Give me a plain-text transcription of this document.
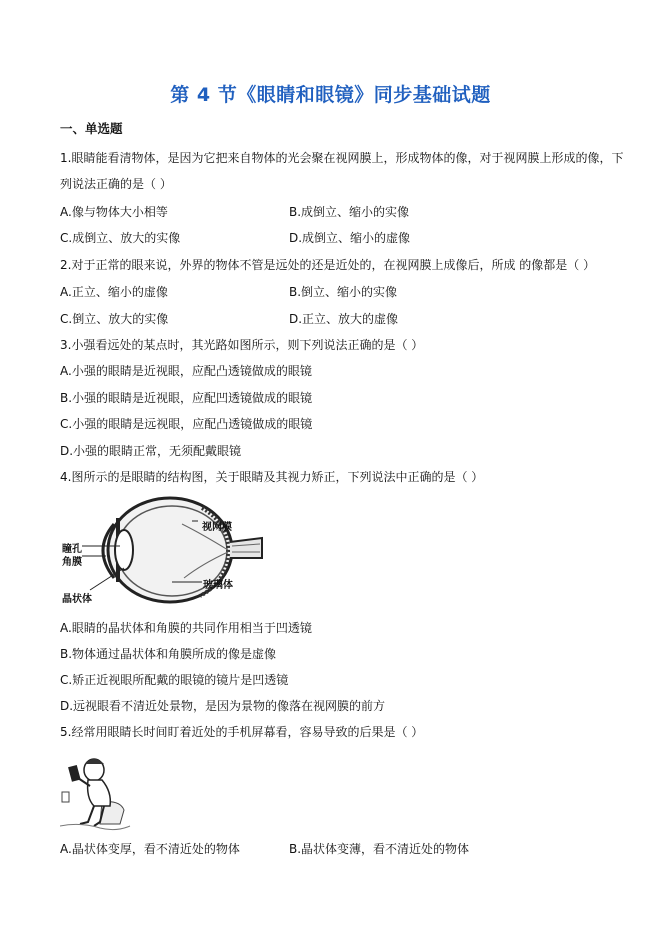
第 4 节《眼睛和眼镜》同步基础试题
一、单选题
1.眼睛能看清物体，是因为它把来自物体的光会聚在视网膜上，形成物体的像，对于视网膜上形成的像，下
列说法正确的是（ ）
A.像与物体大小相等	B.成倒立、缩小的实像
C.成倒立、放大的实像	D.成倒立、缩小的虚像
2.对于正常的眼来说，外界的物体不管是远处的还是近处的，在视网膜上成像后，所成 的像都是（ ）
A.正立、缩小的虚像	B.倒立、缩小的实像
C.倒立、放大的实像	D.正立、放大的虚像
3.小强看远处的某点时，其光路如图所示，则下列说法正确的是（ ）
A.小强的眼睛是近视眼，应配凸透镜做成的眼镜
B.小强的眼睛是近视眼，应配凹透镜做成的眼镜
C.小强的眼睛是远视眼，应配凸透镜做成的眼镜
D.小强的眼睛正常，无须配戴眼镜
4.图所示的是眼睛的结构图，关于眼睛及其视力矫正，下列说法中正确的是（ ）
视网膜
瞳孔
角膜
玻璃体
晶状体
A.眼睛的晶状体和角膜的共同作用相当于凹透镜
B.物体通过晶状体和角膜所成的像是虚像
C.矫正近视眼所配戴的眼镜的镜片是凹透镜
D.远视眼看不清近处景物，是因为景物的像落在视网膜的前方
5.经常用眼睛长时间盯着近处的手机屏幕看，容易导致的后果是（ ）
A.晶状体变厚，看不清近处的物体	B.晶状体变薄，看不清近处的物体
